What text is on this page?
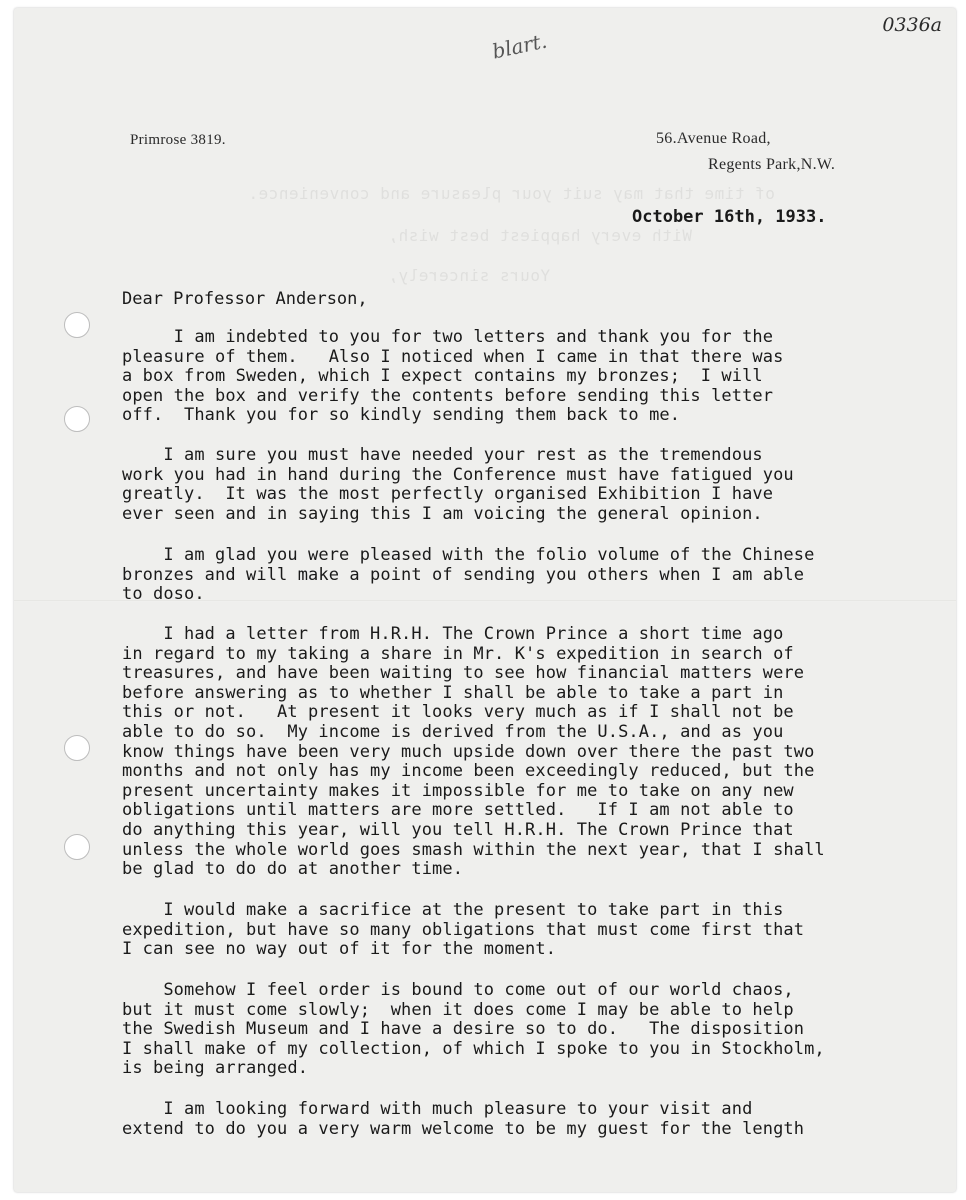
of time that may suit your pleasure and convenience.
With every happiest best wish,
Yours sincerely,

0336a

blart.

Primrose 3819.	56.Avenue Road,

Regents Park,N.W.

October 16th, 1933.

Dear Professor Anderson,

I am indebted to you for two letters and thank you for the
pleasure of them.   Also I noticed when I came in that there was
a box from Sweden, which I expect contains my bronzes;  I will
open the box and verify the contents before sending this letter
off.  Thank you for so kindly sending them back to me.

I am sure you must have needed your rest as the tremendous
work you had in hand during the Conference must have fatigued you
greatly.  It was the most perfectly organised Exhibition I have
ever seen and in saying this I am voicing the general opinion.

I am glad you were pleased with the folio volume of the Chinese
bronzes and will make a point of sending you others when I am able
to doso.

I had a letter from H.R.H. The Crown Prince a short time ago
in regard to my taking a share in Mr. K's expedition in search of
treasures, and have been waiting to see how financial matters were
before answering as to whether I shall be able to take a part in
this or not.   At present it looks very much as if I shall not be
able to do so.  My income is derived from the U.S.A., and as you
know things have been very much upside down over there the past two
months and not only has my income been exceedingly reduced, but the
present uncertainty makes it impossible for me to take on any new
obligations until matters are more settled.   If I am not able to
do anything this year, will you tell H.R.H. The Crown Prince that
unless the whole world goes smash within the next year, that I shall
be glad to do do at another time.

I would make a sacrifice at the present to take part in this
expedition, but have so many obligations that must come first that
I can see no way out of it for the moment.

Somehow I feel order is bound to come out of our world chaos,
but it must come slowly;  when it does come I may be able to help
the Swedish Museum and I have a desire so to do.   The disposition
I shall make of my collection, of which I spoke to you in Stockholm,
is being arranged.

I am looking forward with much pleasure to your visit and
extend to do you a very warm welcome to be my guest for the length
